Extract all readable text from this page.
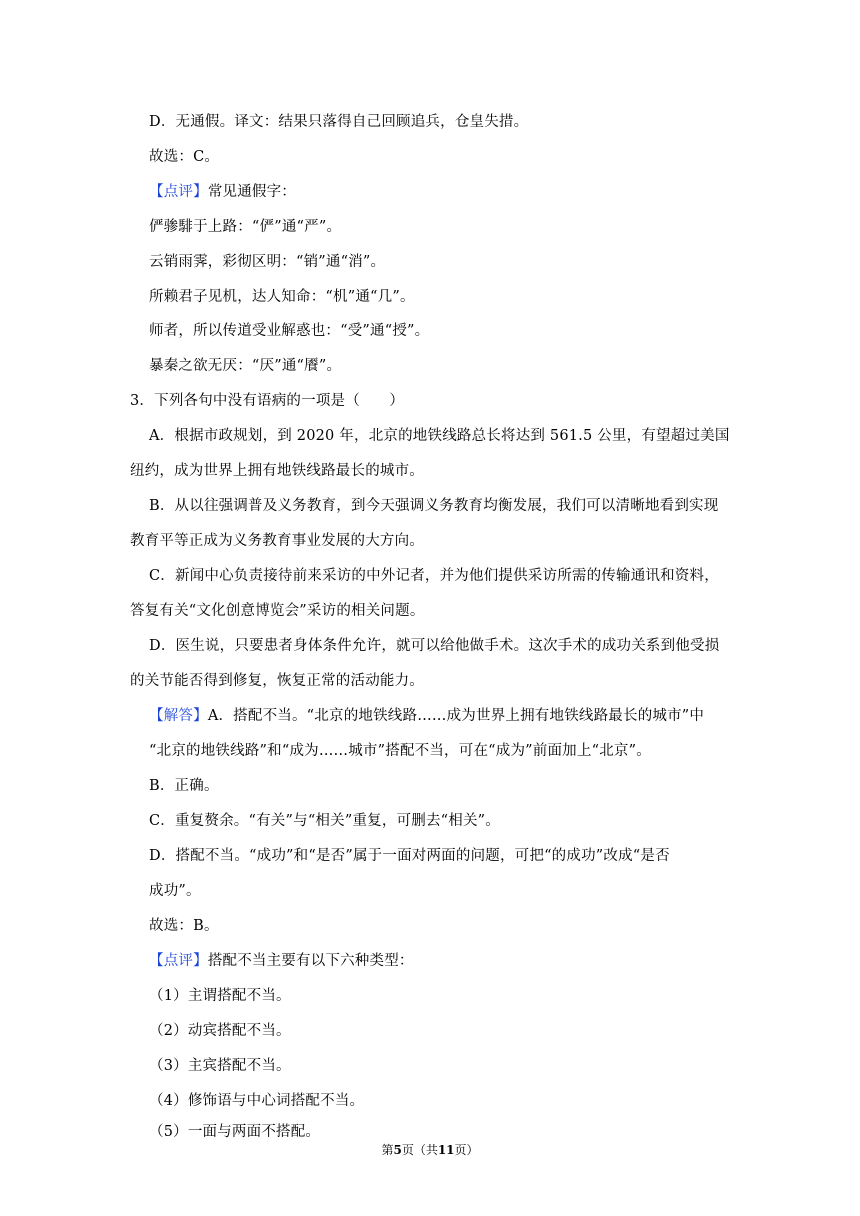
D．无通假。译文：结果只落得自己回顾追兵，仓皇失措。
故选：C。
【点评】常见通假字：
俨骖騑于上路：“俨”通“严”。
云销雨霁，彩彻区明：“销”通“消”。
所赖君子见机，达人知命：“机”通“几”。
师者，所以传道受业解惑也：“受”通“授”。
暴秦之欲无厌：“厌”通“餍”。
3．下列各句中没有语病的一项是（　　）
A．根据市政规划，到 2020 年，北京的地铁线路总长将达到 561.5 公里，有望超过美国
纽约，成为世界上拥有地铁线路最长的城市。
B．从以往强调普及义务教育，到今天强调义务教育均衡发展，我们可以清晰地看到实现
教育平等正成为义务教育事业发展的大方向。
C．新闻中心负责接待前来采访的中外记者，并为他们提供采访所需的传输通讯和资料，
答复有关“文化创意博览会”采访的相关问题。
D．医生说，只要患者身体条件允许，就可以给他做手术。这次手术的成功关系到他受损
的关节能否得到修复，恢复正常的活动能力。
【解答】A．搭配不当。“北京的地铁线路……成为世界上拥有地铁线路最长的城市”中
“北京的地铁线路”和“成为……城市”搭配不当，可在“成为”前面加上“北京”。
B．正确。
C．重复赘余。“有关”与“相关”重复，可删去“相关”。
D．搭配不当。“成功”和“是否”属于一面对两面的问题，可把“的成功”改成“是否
成功”。
故选：B。
【点评】搭配不当主要有以下六种类型：
（1）主谓搭配不当。
（2）动宾搭配不当。
（3）主宾搭配不当。
（4）修饰语与中心词搭配不当。
（5）一面与两面不搭配。
第5页（共11页）
